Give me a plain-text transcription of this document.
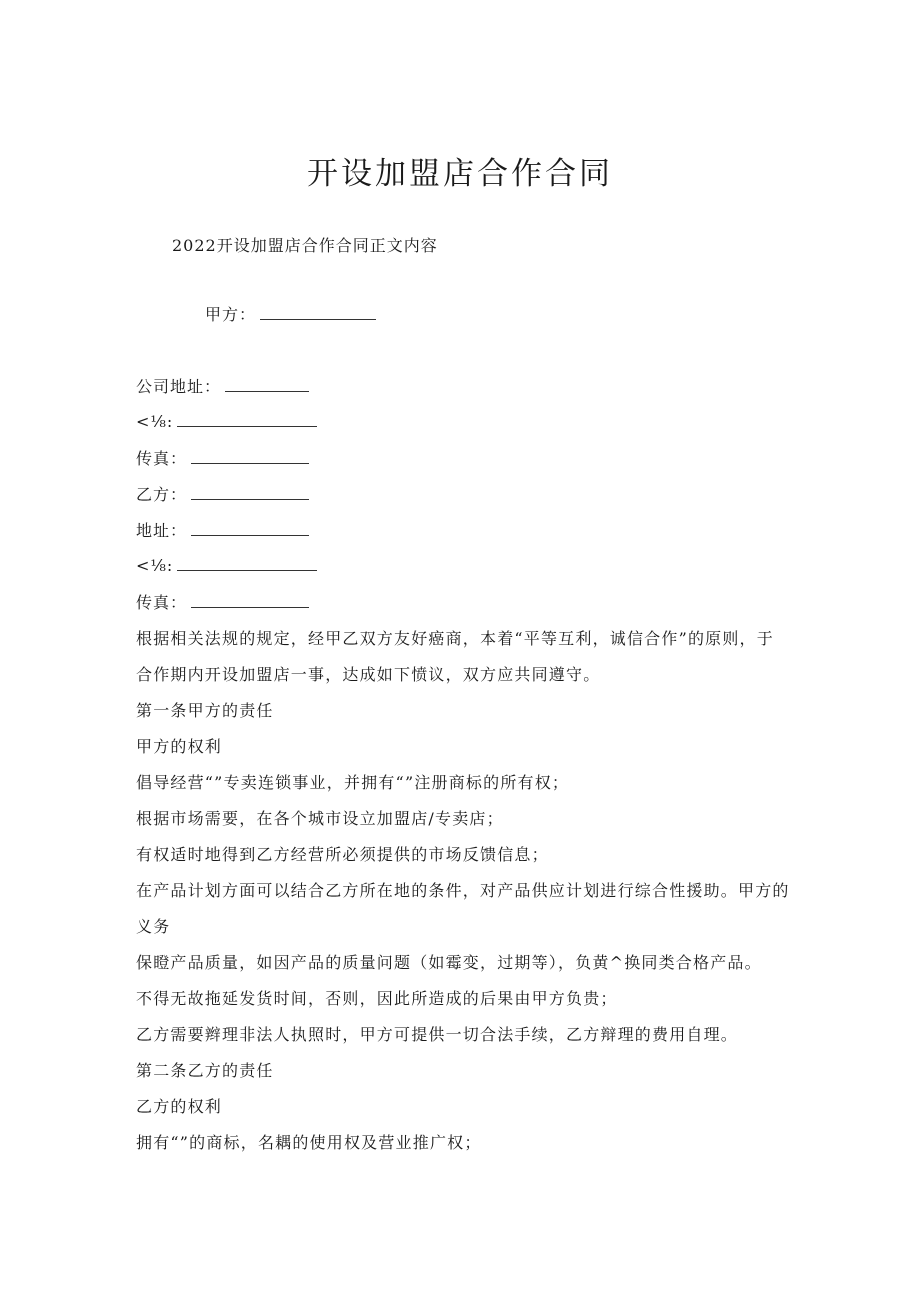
开设加盟店合作合同
2022开设加盟店合作合同正文内容
甲方：
公司地址：
<⅛:
传真：
乙方：
地址：
<⅛:
传真：
根据相关法规的规定，经甲乙双方友好癌商，本着“平等互利，诚信合作”的原则，于
合作期内开设加盟店一事，达成如下愤议，双方应共同遵守。
第一条甲方的责任
甲方的权利
倡导经营“”专卖连锁事业，并拥有“”注册商标的所有权；
根据市场需要，在各个城市设立加盟店/专卖店；
有权适时地得到乙方经营所必须提供的市场反馈信息；
在产品计划方面可以结合乙方所在地的条件，对产品供应计划进行综合性援助。甲方的
义务
保瞪产品质量，如因产品的质量问题（如霉变，过期等），负黄^换同类合格产品。
不得无故拖延发货时间，否则，因此所造成的后果由甲方负贵；
乙方需要辫理非法人执照时，甲方可提供一切合法手续，乙方辩理的费用自理。
第二条乙方的责任
乙方的权利
拥有“”的商标，名耦的使用权及营业推广权；
